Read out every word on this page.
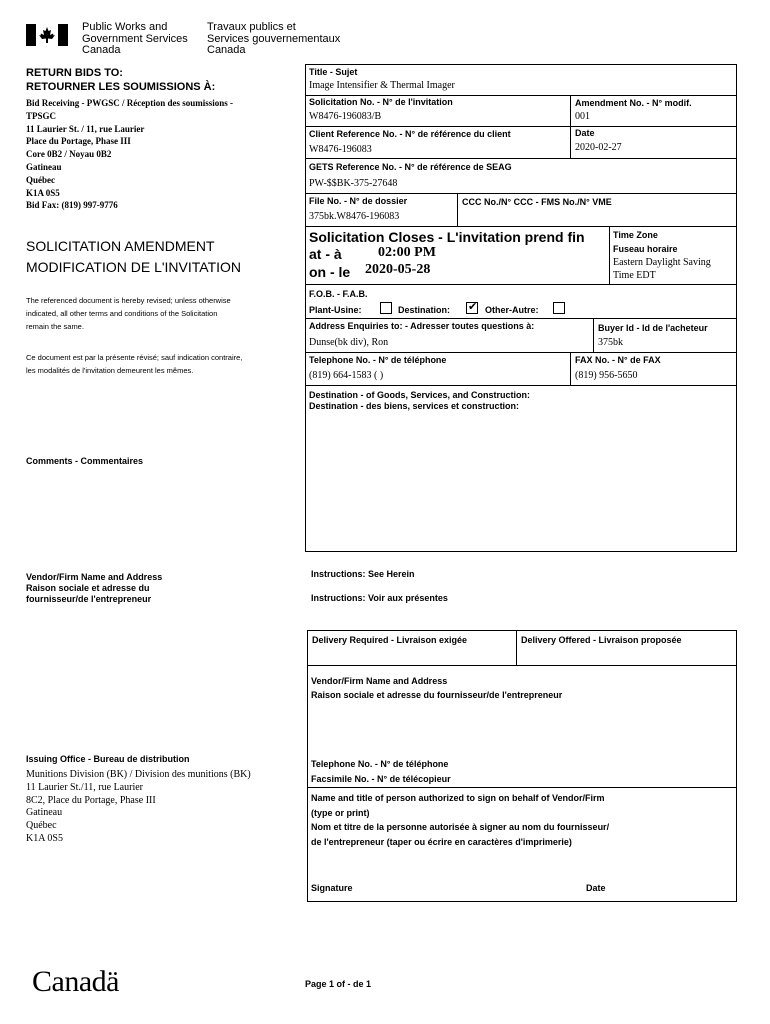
Public Works and
Government Services
Canada
Travaux publics et
Services gouvernementaux
Canada
RETURN BIDS TO:
RETOURNER LES SOUMISSIONS À:
Bid Receiving - PWGSC / Réception des soumissions -
TPSGC
11 Laurier St. / 11, rue Laurier
Place du Portage, Phase III
Core 0B2 / Noyau 0B2
Gatineau
Québec
K1A 0S5
Bid Fax: (819) 997-9776
SOLICITATION AMENDMENT
MODIFICATION DE L'INVITATION
The referenced document is hereby revised; unless otherwise
indicated, all other terms and conditions of the Solicitation
remain the same.
Ce document est par la présente révisé; sauf indication contraire,
les modalités de l'invitation demeurent les mêmes.
Comments - Commentaires
Vendor/Firm Name and Address
Raison sociale et adresse du
fournisseur/de l'entrepreneur
Issuing Office - Bureau de distribution
Munitions Division (BK) / Division des munitions (BK)
11 Laurier St./11, rue Laurier
8C2, Place du Portage, Phase III
Gatineau
Québec
K1A 0S5
Title - Sujet
Image Intensifier & Thermal Imager
Solicitation No. - N° de l'invitation
W8476-196083/B
Amendment No. - N° modif.
001
Client Reference No. - N° de référence du client
W8476-196083
Date
2020-02-27
GETS Reference No. - N° de référence de SEAG
PW-$$BK-375-27648
File No. - N° de dossier
375bk.W8476-196083
CCC No./N° CCC - FMS No./N° VME
Solicitation Closes - L'invitation prend fin
at - à	02:00 PM
on - le 2020-05-28
Time Zone
Fuseau horaire
Eastern Daylight Saving
Time EDT
F.O.B. - F.A.B.
Plant-Usine:	Destination: ✔ Other-Autre:
Address Enquiries to: - Adresser toutes questions à:
Dunse(bk div), Ron
Buyer Id - Id de l'acheteur
375bk
Telephone No. - N° de téléphone
(819) 664-1583 ( )
FAX No. - N° de FAX
(819) 956-5650
Destination - of Goods, Services, and Construction:
Destination - des biens, services et construction:
Instructions: See Herein
Instructions: Voir aux présentes
Delivery Required - Livraison exigée	Delivery Offered - Livraison proposée
Vendor/Firm Name and Address
Raison sociale et adresse du fournisseur/de l'entrepreneur
Telephone No. - N° de téléphone
Facsimile No. - N° de télécopieur
Name and title of person authorized to sign on behalf of Vendor/Firm
(type or print)
Nom et titre de la personne autorisée à signer au nom du fournisseur/
de l'entrepreneur (taper ou écrire en caractères d'imprimerie)
Signature	Date
Canadä	Page 1 of - de 1
